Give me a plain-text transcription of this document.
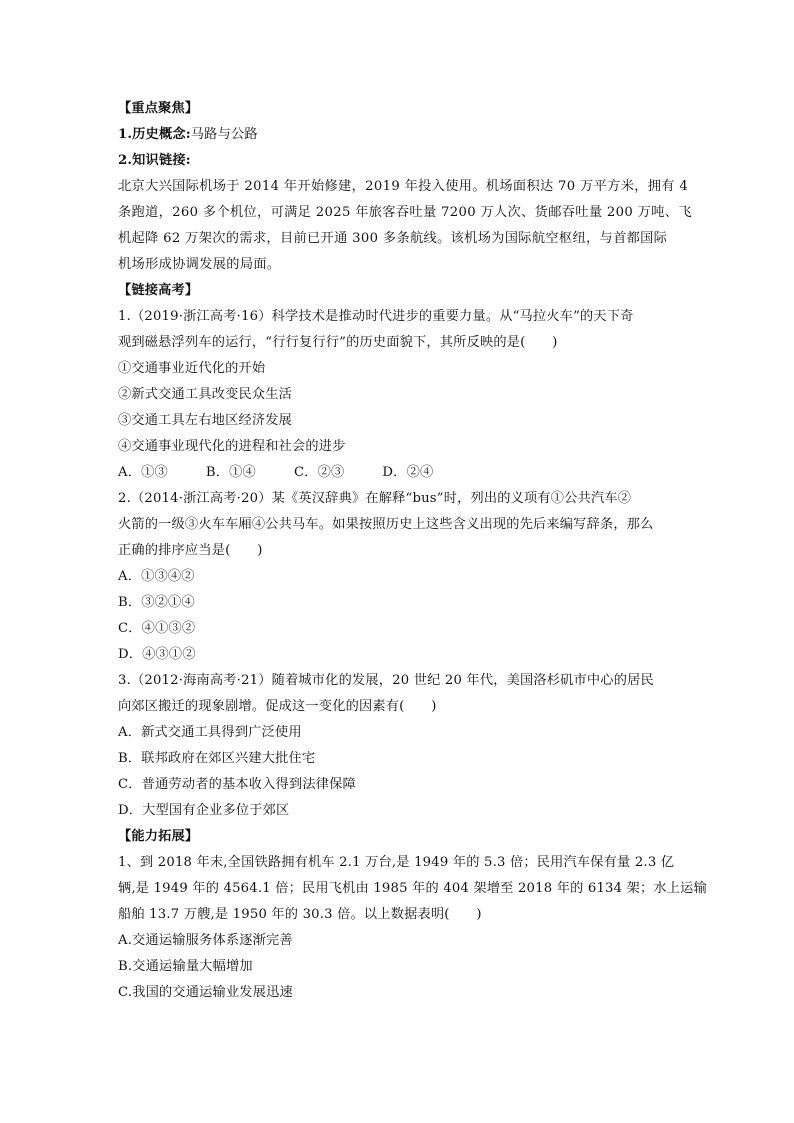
【重点聚焦】
1.历史概念:马路与公路
2.知识链接:
北京大兴国际机场于 2014 年开始修建，2019 年投入使用。机场面积达 70 万平方米，拥有 4
条跑道，260 多个机位，可满足 2025 年旅客吞吐量 7200 万人次、货邮吞吐量 200 万吨、飞
机起降 62 万架次的需求，目前已开通 300 多条航线。该机场为国际航空枢纽，与首都国际
机场形成协调发展的局面。
【链接高考】
1.（2019·浙江高考·16）科学技术是推动时代进步的重要力量。从“马拉火车”的天下奇
观到磁悬浮列车的运行，“行行复行行”的历史面貌下，其所反映的是(　　)
①交通事业近代化的开始
②新式交通工具改变民众生活
③交通工具左右地区经济发展
④交通事业现代化的进程和社会的进步
A．①③	B．①④	C．②③	D．②④
2.（2014·浙江高考·20）某《英汉辞典》在解释“bus”时，列出的义项有①公共汽车②
火箭的一级③火车车厢④公共马车。如果按照历史上这些含义出现的先后来编写辞条，那么
正确的排序应当是(　　)
A．①③④②
B．③②①④
C．④①③②
D．④③①②
3.（2012·海南高考·21）随着城市化的发展，20 世纪 20 年代，美国洛杉矶市中心的居民
向郊区搬迁的现象剧增。促成这一变化的因素有(　　)
A．新式交通工具得到广泛使用
B．联邦政府在郊区兴建大批住宅
C．普通劳动者的基本收入得到法律保障
D．大型国有企业多位于郊区
【能力拓展】
1、到 2018 年末,全国铁路拥有机车 2.1 万台,是 1949 年的 5.3 倍；民用汽车保有量 2.3 亿
辆,是 1949 年的 4564.1 倍；民用飞机由 1985 年的 404 架增至 2018 年的 6134 架；水上运输
船舶 13.7 万艘,是 1950 年的 30.3 倍。以上数据表明(　　)
A.交通运输服务体系逐渐完善
B.交通运输量大幅增加
C.我国的交通运输业发展迅速
